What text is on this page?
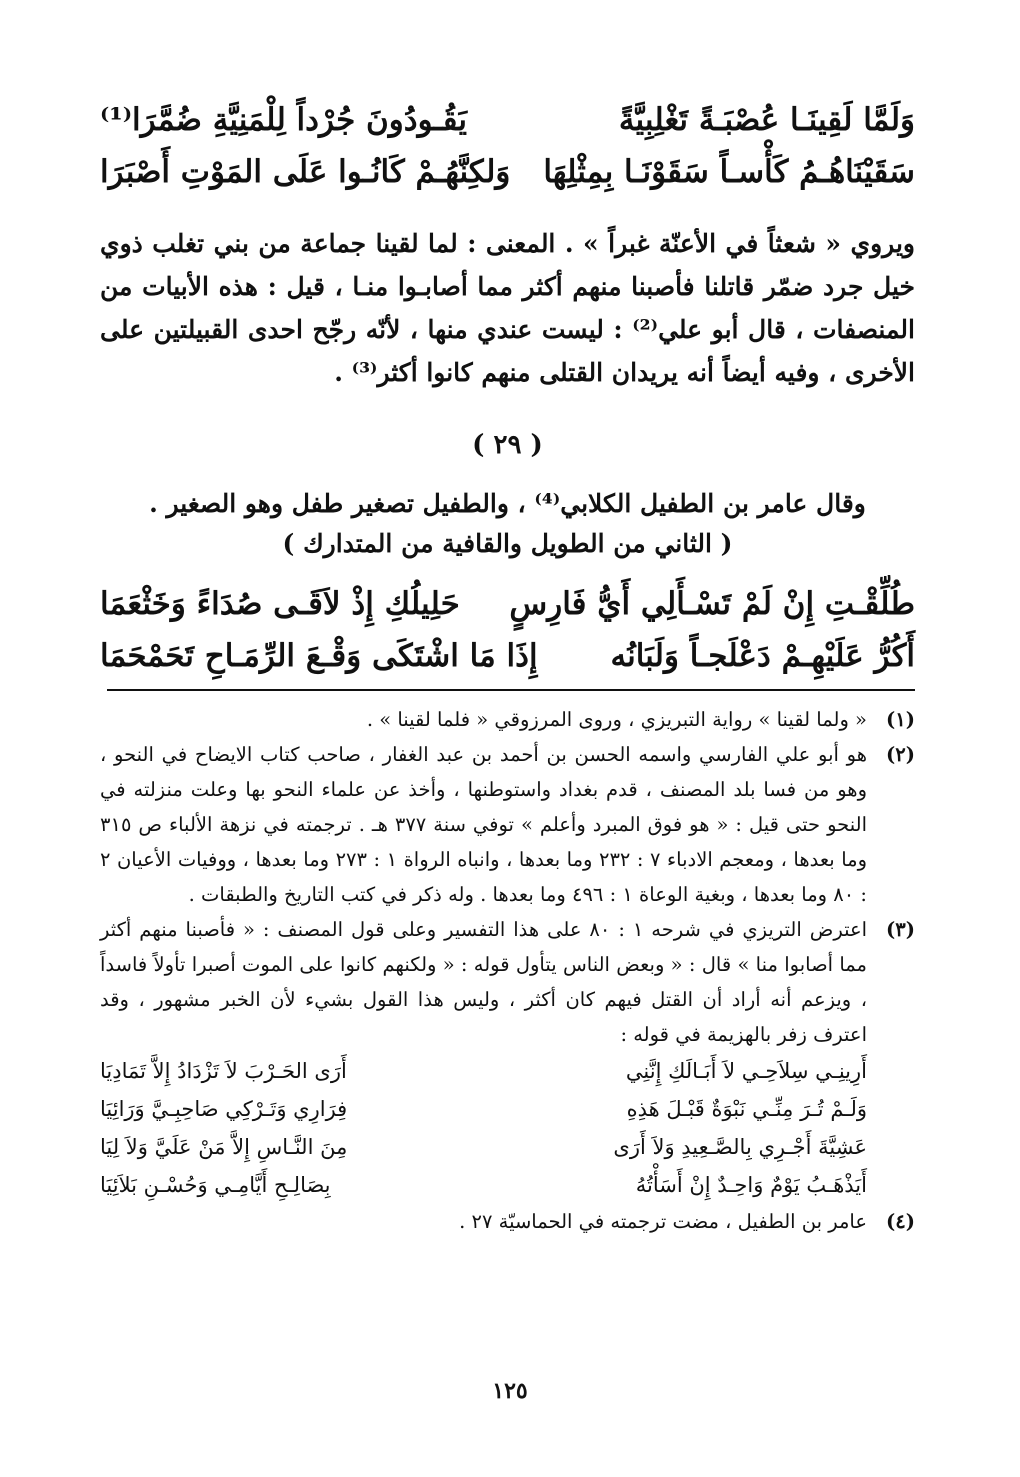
وَلَمَّا لَقِينَـا عُصْبَـةً تَغْلِبِيَّةً
يَقُـودُونَ جُرْداً لِلْمَنِيَّةِ ضُمَّرَا⁽¹⁾
سَقَيْنَاهُـمُ كَأْسـاً سَقَوْنَـا بِمِثْلِهَا
وَلكِنَّهُـمْ كَانُـوا عَلَى المَوْتِ أَصْبَرَا
ويروي « شعثاً في الأعنّة غبراً » . المعنى : لما لقينا جماعة من بني تغلب ذوي خيل جرد ضمّر قاتلنا فأصبنا منهم أكثر مما أصابـوا منـا ، قيل : هذه الأبيات من المنصفات ، قال أبو علي⁽²⁾ : ليست عندي منها ، لأنّه رجّح احدى القبيلتين على الأخرى ، وفيه أيضاً أنه يريدان القتلى منهم كانوا أكثر⁽³⁾ .
( ٢٩ )
وقال عامر بن الطفيل الكلابي⁽⁴⁾ ، والطفيل تصغير طفل وهو الصغير .
( الثاني من الطويل والقافية من المتدارك )
طُلِّقْـتِ إِنْ لَمْ تَسْـأَلِي أَيُّ فَارِسٍ
حَلِيلُكِ إِذْ لاَقَـى صُدَاءً وَخَثْعَمَا
أَكُرُّ عَلَيْهِـمْ دَعْلَجـاً وَلَبَانُه
إِذَا مَا اشْتَكَى وَقْـعَ الرِّمَـاحِ تَحَمْحَمَا
(١)
« ولما لقينا » رواية التبريزي ، وروى المرزوقي « فلما لقينا » .
(٢)
هو أبو علي الفارسي واسمه الحسن بن أحمد بن عبد الغفار ، صاحب كتاب الايضاح في النحو ، وهو من فسا بلد المصنف ، قدم بغداد واستوطنها ، وأخذ عن علماء النحو بها وعلت منزلته في النحو حتى قيل : « هو فوق المبرد وأعلم » توفي سنة ٣٧٧ هـ . ترجمته في نزهة الألباء ص ٣١٥ وما بعدها ، ومعجم الادباء ٧ : ٢٣٢ وما بعدها ، وانباه الرواة ١ : ٢٧٣ وما بعدها ، ووفيات الأعيان ٢ : ٨٠ وما بعدها ، وبغية الوعاة ١ : ٤٩٦ وما بعدها . وله ذكر في كتب التاريخ والطبقات .
(٣)
اعترض التريزي في شرحه ١ : ٨٠ على هذا التفسير وعلى قول المصنف : « فأصبنا منهم أكثر مما أصابوا منا » قال : « وبعض الناس يتأول قوله : « ولكنهم كانوا على الموت أصبرا تأولاً فاسداً ، ويزعم أنه أراد أن القتل فيهم كان أكثر ، وليس هذا القول بشيء لأن الخبر مشهور ، وقد اعترف زفر بالهزيمة في قوله :
أَرِينِـي سِلاَحِـي لاَ أَبَـالَكِ إِنَّنِي
أَرَى الحَـرْبَ لاَ تَزْدَادُ إِلاَّ تَمَادِيَا
وَلَـمْ تُـرَ مِنِّـي نَبْوَةٌ قَبْـلَ هَذِهِ
فِرَارِي وَتَـرْكِي صَاحِبِـيَّ وَرَائِيَا
عَشِيَّةَ أَجْـرِي بِالصَّـعِيدِ وَلاَ أَرَى
مِنَ النَّـاسِ إِلاَّ مَنْ عَلَيَّ وَلاَ لِيَا
أَيَذْهَـبُ يَوْمٌ وَاحِـدٌ إِنْ أَسَأْتُهُ
بِصَالِـحِ أَيَّامِـي وَحُسْـنِ بَلاَئِيَا
(٤)
عامر بن الطفيل ، مضت ترجمته في الحماسيّة ٢٧ .
١٢٥
